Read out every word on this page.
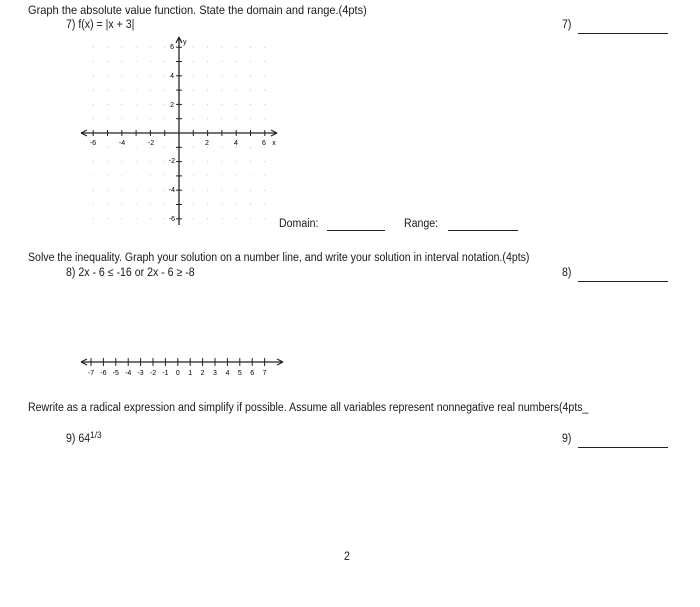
Graph the absolute value function. State the domain and range.(4pts)
7) f(x) = |x + 3|	7)
-6	-4	-2	2	4	6 x
6
4
2
-2
-4
-6
y
Domain:	Range:
Solve the inequality. Graph your solution on a number line, and write your solution in interval notation.(4pts)
8) 2x - 6 ≤ -16 or 2x - 6 ≥ -8	8)
-7 -6 -5 -4 -3 -2 -1 0 1 2 3 4 5 6 7
Rewrite as a radical expression and simplify if possible. Assume all variables represent nonnegative real numbers(4pts_
9) $64^{1/3}$	9)
2
